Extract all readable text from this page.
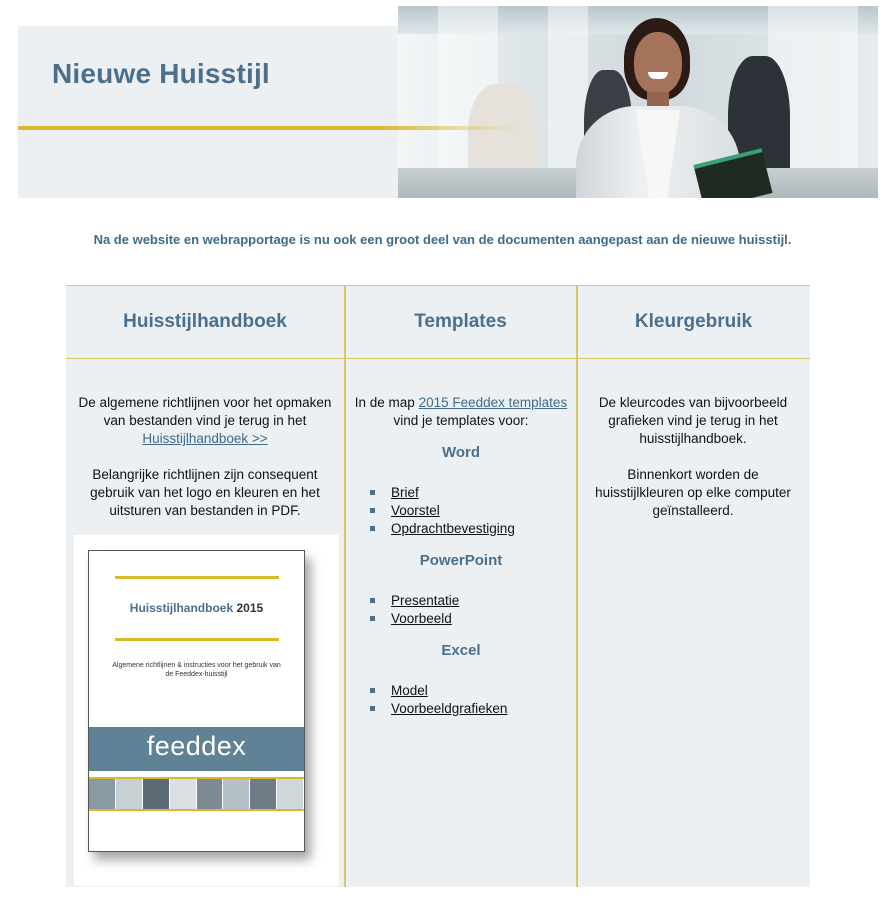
Nieuwe Huisstijl
Na de website en webrapportage is nu ook een groot deel van de documenten aangepast aan de nieuwe huisstijl.
Huisstijlhandboek	Templates	Kleurgebruik

De algemene richtlijnen voor het opmaken van bestanden vind je terug in het
Huisstijlhandboek >>

Belangrijke richtlijnen zijn consequent gebruik van het logo en kleuren en het uitsturen van bestanden in PDF.

In de map 2015 Feeddex templates
vind je templates voor:
Word
Brief
Voorstel
Opdrachtbevestiging
PowerPoint
Presentatie
Voorbeeld
Excel
Model
Voorbeeldgrafieken

De kleurcodes van bijvoorbeeld grafieken vind je terug in het huisstijlhandboek.

Binnenkort worden de huisstijlkleuren op elke computer geïnstalleerd.

Huisstijlhandboek 2015
Algemene richtlijnen & instructies voor het gebruik van de Feeddex-huisstijl
feeddex
